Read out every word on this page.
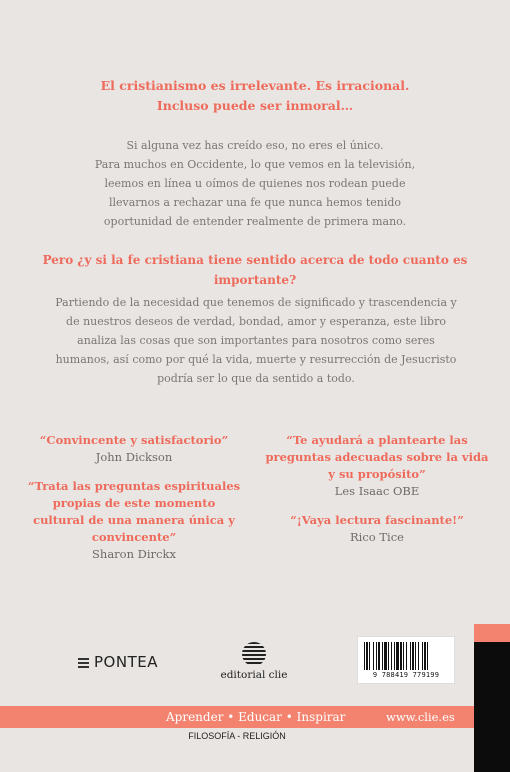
El cristianismo es irrelevante. Es irracional.
Incluso puede ser inmoral…
Si alguna vez has creído eso, no eres el único.
Para muchos en Occidente, lo que vemos en la televisión,
leemos en línea u oímos de quienes nos rodean puede
llevarnos a rechazar una fe que nunca hemos tenido
oportunidad de entender realmente de primera mano.
Pero ¿y si la fe cristiana tiene sentido acerca de todo cuanto es
importante?
Partiendo de la necesidad que tenemos de significado y trascendencia y
de nuestros deseos de verdad, bondad, amor y esperanza, este libro
analiza las cosas que son importantes para nosotros como seres
humanos, así como por qué la vida, muerte y resurrección de Jesucristo
podría ser lo que da sentido a todo.
“Convincente y satisfactorio”
John Dickson
“Trata las preguntas espirituales
propias de este momento
cultural de una manera única y
convincente”
Sharon Dirckx
“Te ayudará a plantearte las
preguntas adecuadas sobre la vida
y su propósito”
Les Isaac OBE
“¡Vaya lectura fascinante!”
Rico Tice
PONTEA
editorial clie	9 788419 779199
Aprender • Educar • Inspirar	www.clie.es
FILOSOFÍA - RELIGIÓN
